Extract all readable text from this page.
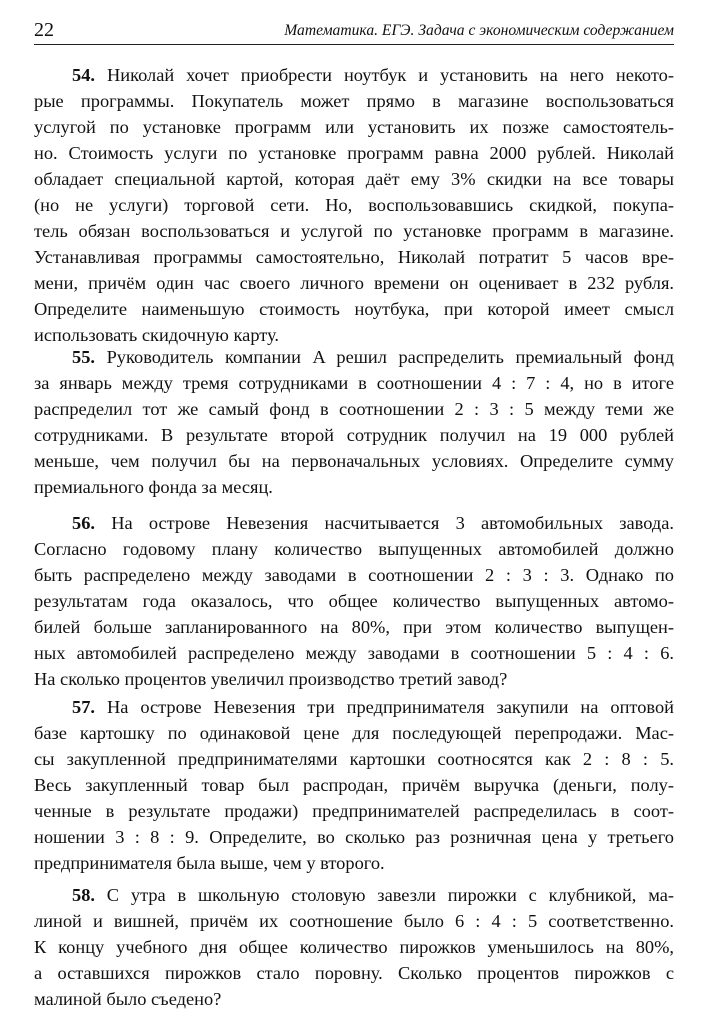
22	Математика. ЕГЭ. Задача с экономическим содержанием
54. Николай хочет приобрести ноутбук и установить на него некото-
рые программы. Покупатель может прямо в магазине воспользоваться
услугой по установке программ или установить их позже самостоятель-
но. Стоимость услуги по установке программ равна 2000 рублей. Николай
обладает специальной картой, которая даёт ему 3% скидки на все товары
(но не услуги) торговой сети. Но, воспользовавшись скидкой, покупа-
тель обязан воспользоваться и услугой по установке программ в магазине.
Устанавливая программы самостоятельно, Николай потратит 5 часов вре-
мени, причём один час своего личного времени он оценивает в 232 рубля.
Определите наименьшую стоимость ноутбука, при которой имеет смысл
использовать скидочную карту.
55. Руководитель компании A решил распределить премиальный фонд
за январь между тремя сотрудниками в соотношении 4 : 7 : 4, но в итоге
распределил тот же самый фонд в соотношении 2 : 3 : 5 между теми же
сотрудниками. В результате второй сотрудник получил на 19 000 рублей
меньше, чем получил бы на первоначальных условиях. Определите сумму
премиального фонда за месяц.
56. На острове Невезения насчитывается 3 автомобильных завода.
Согласно годовому плану количество выпущенных автомобилей должно
быть распределено между заводами в соотношении 2 : 3 : 3. Однако по
результатам года оказалось, что общее количество выпущенных автомо-
билей больше запланированного на 80%, при этом количество выпущен-
ных автомобилей распределено между заводами в соотношении 5 : 4 : 6.
На сколько процентов увеличил производство третий завод?
57. На острове Невезения три предпринимателя закупили на оптовой
базе картошку по одинаковой цене для последующей перепродажи. Мас-
сы закупленной предпринимателями картошки соотносятся как 2 : 8 : 5.
Весь закупленный товар был распродан, причём выручка (деньги, полу-
ченные в результате продажи) предпринимателей распределилась в соот-
ношении 3 : 8 : 9. Определите, во сколько раз розничная цена у третьего
предпринимателя была выше, чем у второго.
58. С утра в школьную столовую завезли пирожки с клубникой, ма-
линой и вишней, причём их соотношение было 6 : 4 : 5 соответственно.
К концу учебного дня общее количество пирожков уменьшилось на 80%,
а оставшихся пирожков стало поровну. Сколько процентов пирожков с
малиной было съедено?
